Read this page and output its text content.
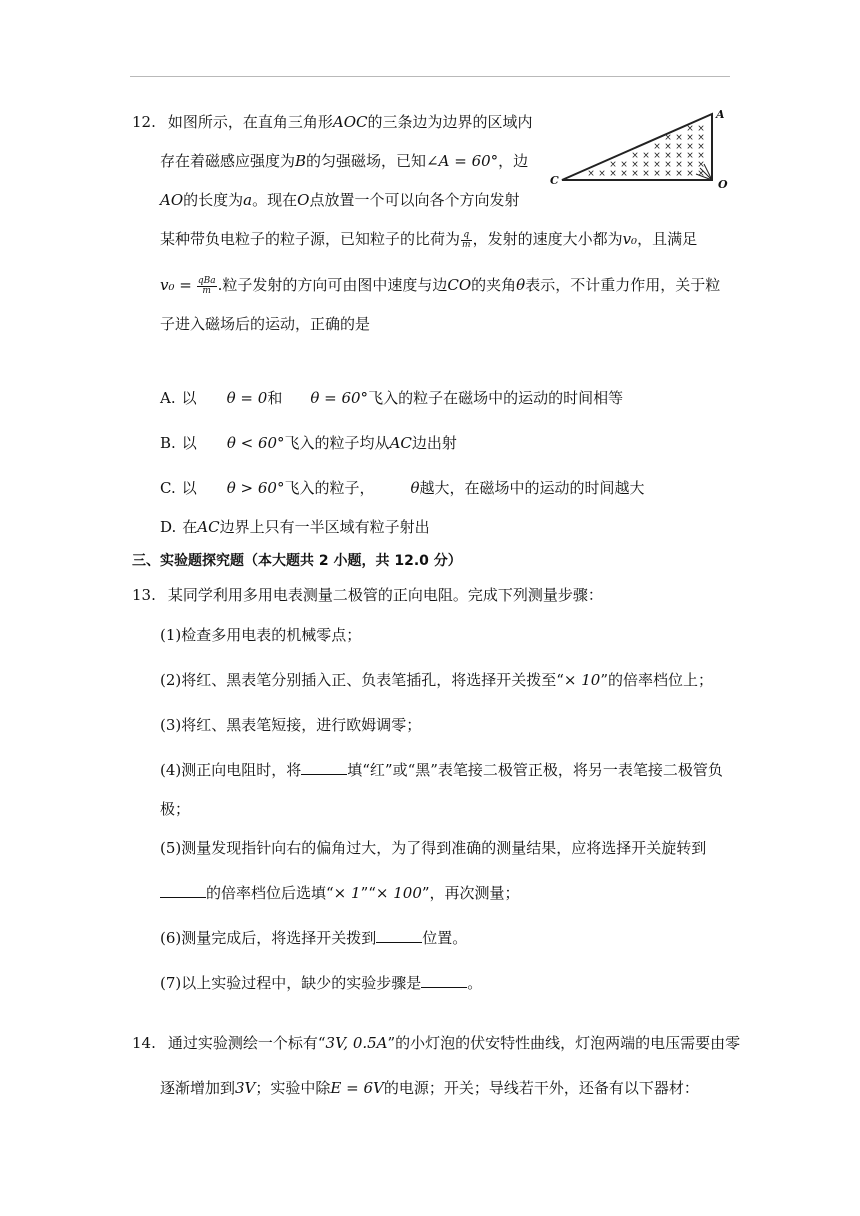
12. 如图所示，在直角三角形AOC的三条边为边界的区域内
存在着磁感应强度为B的匀强磁场，已知∠A = 60°，边
AO的长度为a。现在O点放置一个可以向各个方向发射
某种带负电粒子的粒子源，已知粒子的比荷为 $\frac{q}{m}$ ，发射的速度大小都为v₀，且满足
$v_0 = \frac{\text{qBa}}{m}$ .粒子发射的方向可由图中速度与边CO的夹角θ表示，不计重力作用，关于粒
子进入磁场后的运动，正确的是
× × ×
×
×
×
×
×
×
×
×
×
×
×
×
×
×
×
×
×
×
×
×
×
×
×
×
×
×
×
×
×
×
×
×
×
×
×
A
C	O
A. 以 θ = 0和 θ = 60°飞入的粒子在磁场中的运动的时间相等
B. 以 θ < 60°飞入的粒子均从AC边出射
C. 以 θ > 60°飞入的粒子， θ越大，在磁场中的运动的时间越大
D. 在AC边界上只有一半区域有粒子射出
三、实验题探究题（本大题共 2 小题，共 12.0 分）
13. 某同学利用多用电表测量二极管的正向电阻。完成下列测量步骤：
(1)检查多用电表的机械零点；
(2)将红、黑表笔分别插入正、负表笔插孔，将选择开关拨至“× 10”的倍率档位上；
(3)将红、黑表笔短接，进行欧姆调零；
(4)测正向电阻时，将	填“红”或“黑”表笔接二极管正极，将另一表笔接二极管负
极；
(5)测量发现指针向右的偏角过大，为了得到准确的测量结果，应将选择开关旋转到
的倍率档位后选填“× 1”“× 100”，再次测量；
(6)测量完成后，将选择开关拨到	位置。
(7)以上实验过程中，缺少的实验步骤是	。
14. 通过实验测绘一个标有“3V, 0.5A”的小灯泡的伏安特性曲线，灯泡两端的电压需要由零
逐渐增加到3V；实验中除E = 6V的电源；开关；导线若干外，还备有以下器材：
